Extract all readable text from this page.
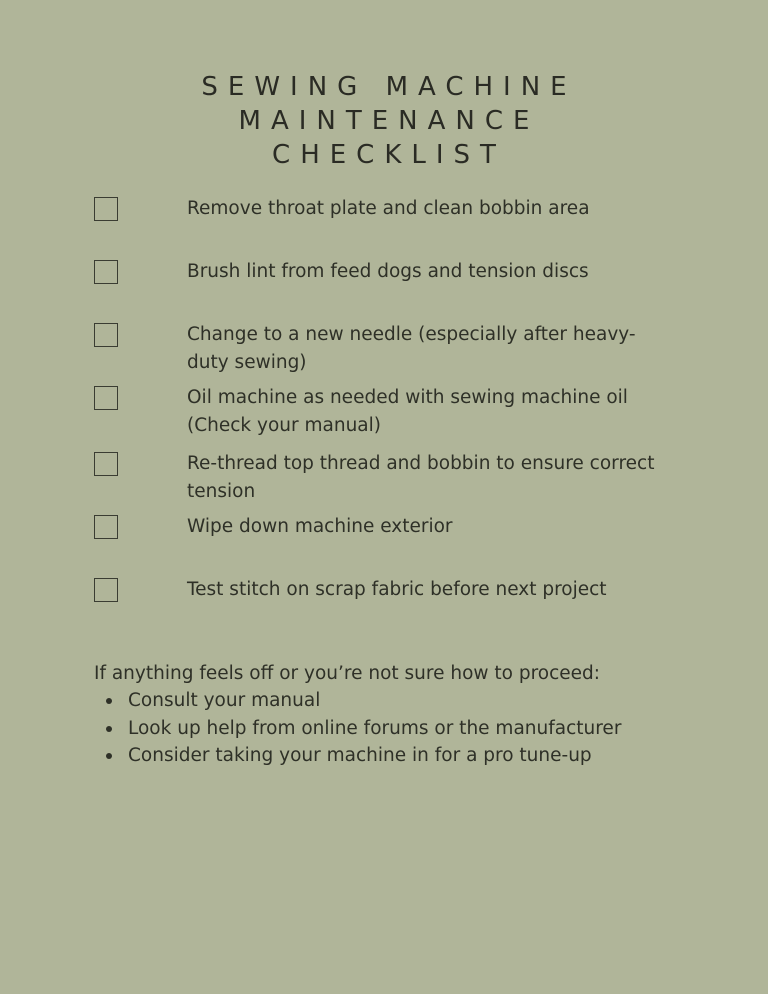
SEWING MACHINE
MAINTENANCE
CHECKLIST
Remove throat plate and clean bobbin area
Brush lint from feed dogs and tension discs
Change to a new needle (especially after heavy-duty sewing)
Oil machine as needed with sewing machine oil (Check your manual)
Re-thread top thread and bobbin to ensure correct tension
Wipe down machine exterior
Test stitch on scrap fabric before next project
If anything feels off or you’re not sure how to proceed:
Consult your manual
Look up help from online forums or the manufacturer
Consider taking your machine in for a pro tune-up
